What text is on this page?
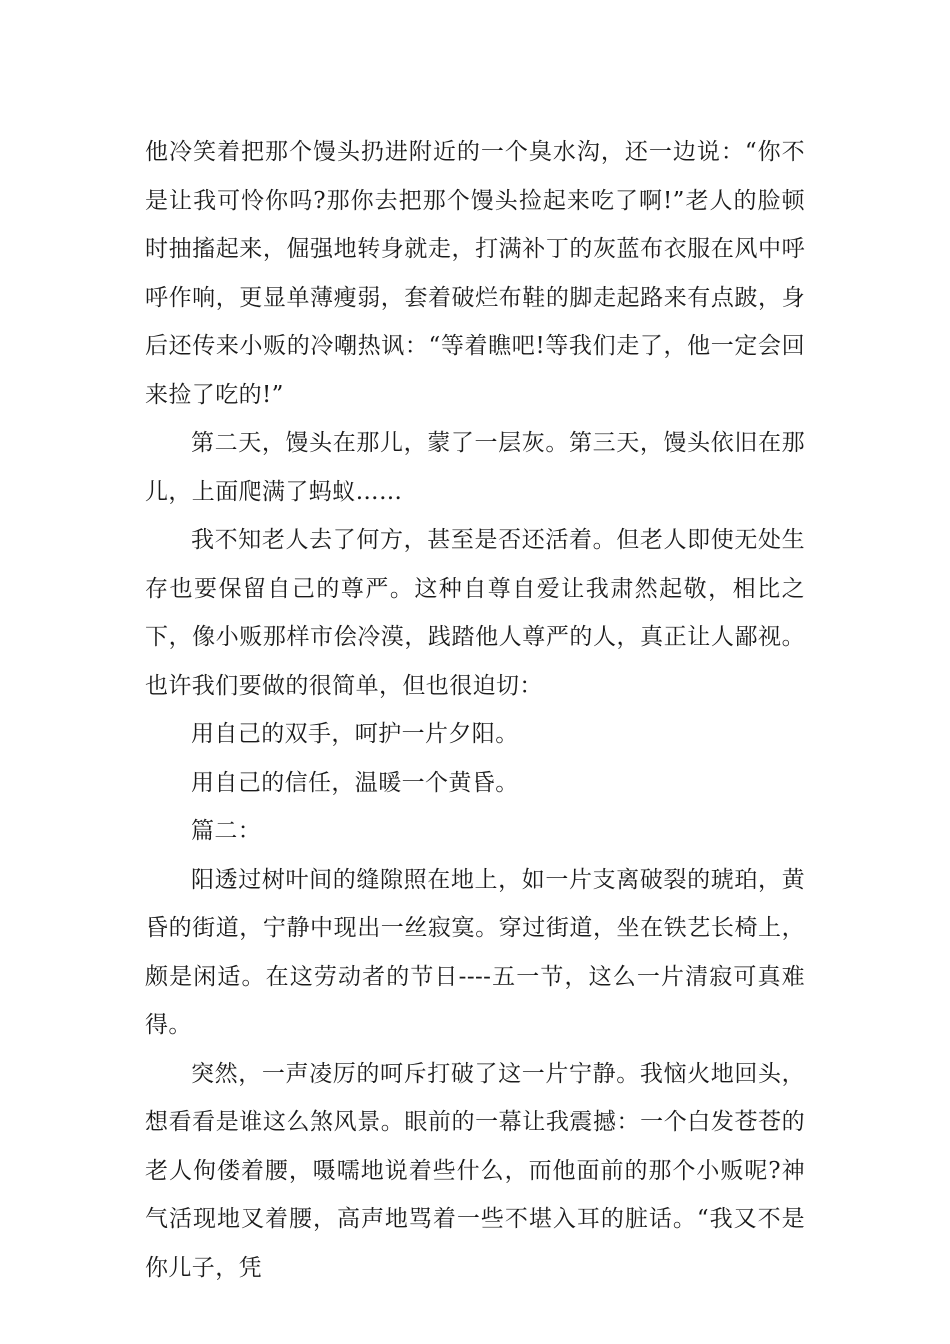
他冷笑着把那个馒头扔进附近的一个臭水沟，还一边说：“你不是让我可怜你吗?那你去把那个馒头捡起来吃了啊!”老人的脸顿时抽搐起来，倔强地转身就走，打满补丁的灰蓝布衣服在风中呼呼作响，更显单薄瘦弱，套着破烂布鞋的脚走起路来有点跛，身后还传来小贩的冷嘲热讽：“等着瞧吧!等我们走了，他一定会回来捡了吃的!”

第二天，馒头在那儿，蒙了一层灰。第三天，馒头依旧在那儿，上面爬满了蚂蚁……

我不知老人去了何方，甚至是否还活着。但老人即使无处生存也要保留自己的尊严。这种自尊自爱让我肃然起敬，相比之下，像小贩那样市侩冷漠，践踏他人尊严的人，真正让人鄙视。也许我们要做的很简单，但也很迫切：

用自己的双手，呵护一片夕阳。

用自己的信任，温暖一个黄昏。

篇二：

阳透过树叶间的缝隙照在地上，如一片支离破裂的琥珀，黄昏的街道，宁静中现出一丝寂寞。穿过街道，坐在铁艺长椅上，颇是闲适。在这劳动者的节日----五一节，这么一片清寂可真难得。

突然，一声凌厉的呵斥打破了这一片宁静。我恼火地回头，想看看是谁这么煞风景。眼前的一幕让我震撼：一个白发苍苍的老人佝偻着腰，嗫嚅地说着些什么，而他面前的那个小贩呢?神气活现地叉着腰，高声地骂着一些不堪入耳的脏话。“我又不是你儿子，凭
